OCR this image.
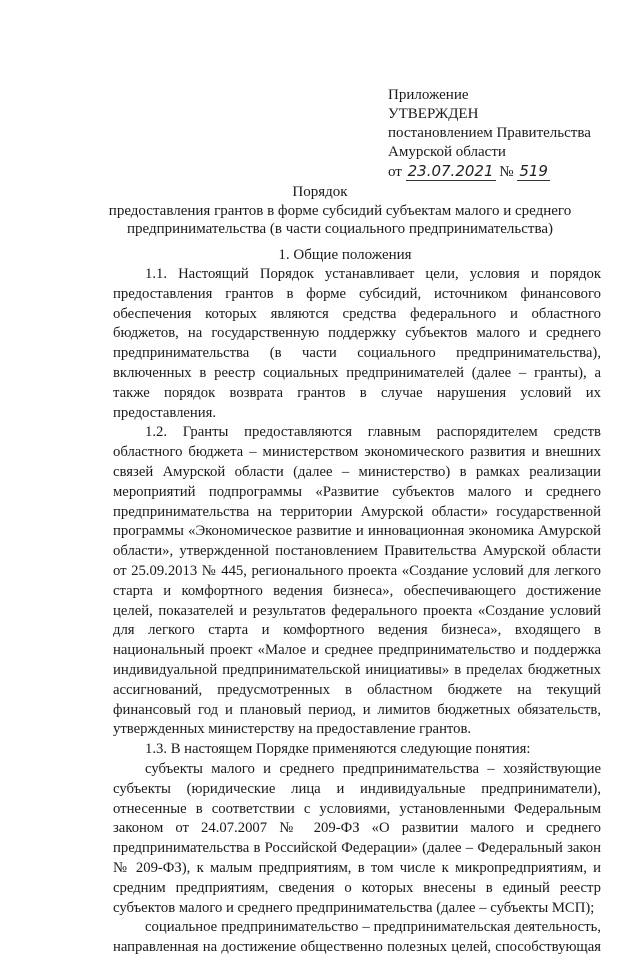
Приложение
УТВЕРЖДЕН
постановлением Правительства
Амурской области
от 23.07.2021 № 519
Порядок
предоставления грантов в форме субсидий субъектам малого и среднего предпринимательства (в части социального предпринимательства)
1. Общие положения

1.1. Настоящий Порядок устанавливает цели, условия и порядок предоставления грантов в форме субсидий, источником финансового обеспечения которых являются средства федерального и областного бюджетов, на государственную поддержку субъектов малого и среднего предпринимательства (в части социального предпринимательства), включенных в реестр социальных предпринимателей (далее – гранты), а также порядок возврата грантов в случае нарушения условий их предоставления.

1.2. Гранты предоставляются главным распорядителем средств областного бюджета – министерством экономического развития и внешних связей Амурской области (далее – министерство) в рамках реализации мероприятий подпрограммы «Развитие субъектов малого и среднего предпринимательства на территории Амурской области» государственной программы «Экономическое развитие и инновационная экономика Амурской области», утвержденной постановлением Правительства Амурской области от 25.09.2013 № 445, регионального проекта «Создание условий для легкого старта и комфортного ведения бизнеса», обеспечивающего достижение целей, показателей и результатов федерального проекта «Создание условий для легкого старта и комфортного ведения бизнеса», входящего в национальный проект «Малое и среднее предпринимательство и поддержка индивидуальной предпринимательской инициативы» в пределах бюджетных ассигнований, предусмотренных в областном бюджете на текущий финансовый год и плановый период, и лимитов бюджетных обязательств, утвержденных министерству на предоставление грантов.

1.3. В настоящем Порядке применяются следующие понятия:

субъекты малого и среднего предпринимательства – хозяйствующие субъекты (юридические лица и индивидуальные предприниматели), отнесенные в соответствии с условиями, установленными Федеральным законом от 24.07.2007 № 209-ФЗ «О развитии малого и среднего предпринимательства в Российской Федерации» (далее – Федеральный закон № 209-ФЗ), к малым предприятиям, в том числе к микропредприятиям, и средним предприятиям, сведения о которых внесены в единый реестр субъектов малого и среднего предпринимательства (далее – субъекты МСП);

социальное предпринимательство – предпринимательская деятельность, направленная на достижение общественно полезных целей, способствующая
